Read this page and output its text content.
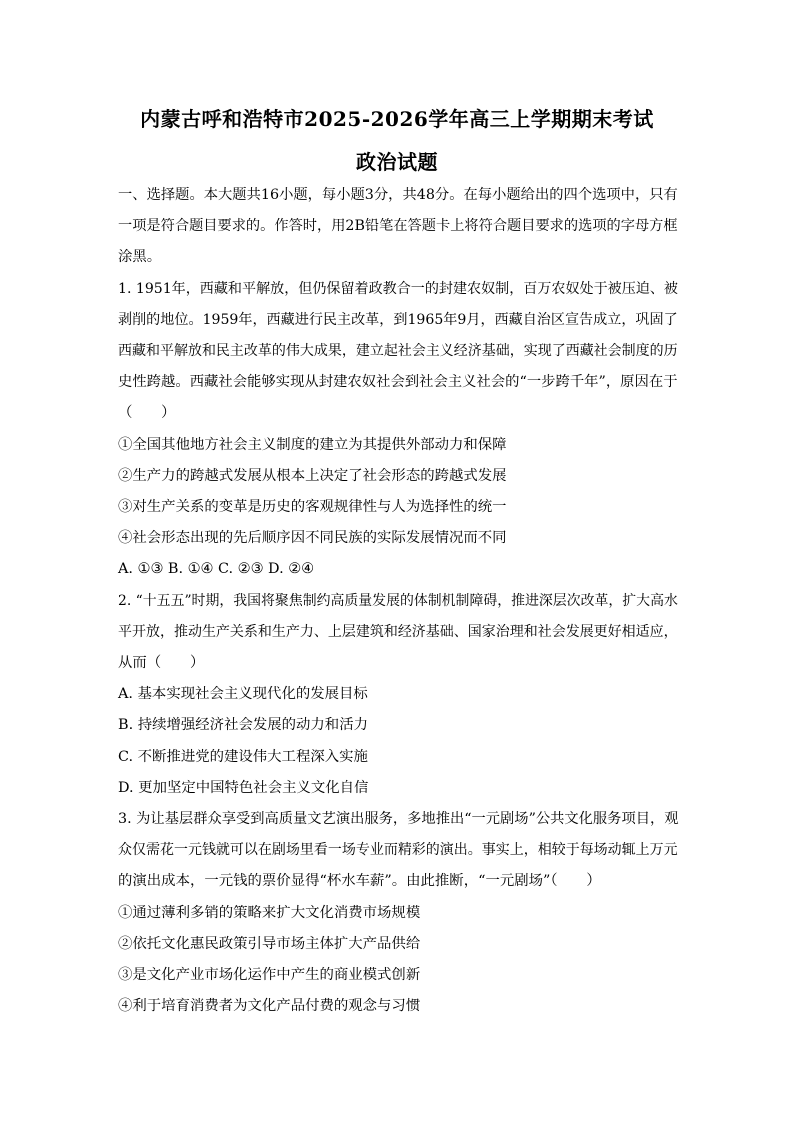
内蒙古呼和浩特市2025-2026学年高三上学期期末考试
政治试题
一、选择题。本大题共16小题，每小题3分，共48分。在每小题给出的四个选项中，只有
一项是符合题目要求的。作答时，用2B铅笔在答题卡上将符合题目要求的选项的字母方框
涂黑。
1. 1951年，西藏和平解放，但仍保留着政教合一的封建农奴制，百万农奴处于被压迫、被
剥削的地位。1959年，西藏进行民主改革，到1965年9月，西藏自治区宣告成立，巩固了
西藏和平解放和民主改革的伟大成果，建立起社会主义经济基础，实现了西藏社会制度的历
史性跨越。西藏社会能够实现从封建农奴社会到社会主义社会的“一步跨千年”，原因在于
（　　）
①全国其他地方社会主义制度的建立为其提供外部动力和保障
②生产力的跨越式发展从根本上决定了社会形态的跨越式发展
③对生产关系的变革是历史的客观规律性与人为选择性的统一
④社会形态出现的先后顺序因不同民族的实际发展情况而不同
A. ①③ B. ①④ C. ②③ D. ②④
2. “十五五”时期，我国将聚焦制约高质量发展的体制机制障碍，推进深层次改革，扩大高水
平开放，推动生产关系和生产力、上层建筑和经济基础、国家治理和社会发展更好相适应，
从而（　　）
A. 基本实现社会主义现代化的发展目标
B. 持续增强经济社会发展的动力和活力
C. 不断推进党的建设伟大工程深入实施
D. 更加坚定中国特色社会主义文化自信
3. 为让基层群众享受到高质量文艺演出服务，多地推出“一元剧场”公共文化服务项目，观
众仅需花一元钱就可以在剧场里看一场专业而精彩的演出。事实上，相较于每场动辄上万元
的演出成本，一元钱的票价显得“杯水车薪”。由此推断，“一元剧场”（　　）
①通过薄利多销的策略来扩大文化消费市场规模
②依托文化惠民政策引导市场主体扩大产品供给
③是文化产业市场化运作中产生的商业模式创新
④利于培育消费者为文化产品付费的观念与习惯
